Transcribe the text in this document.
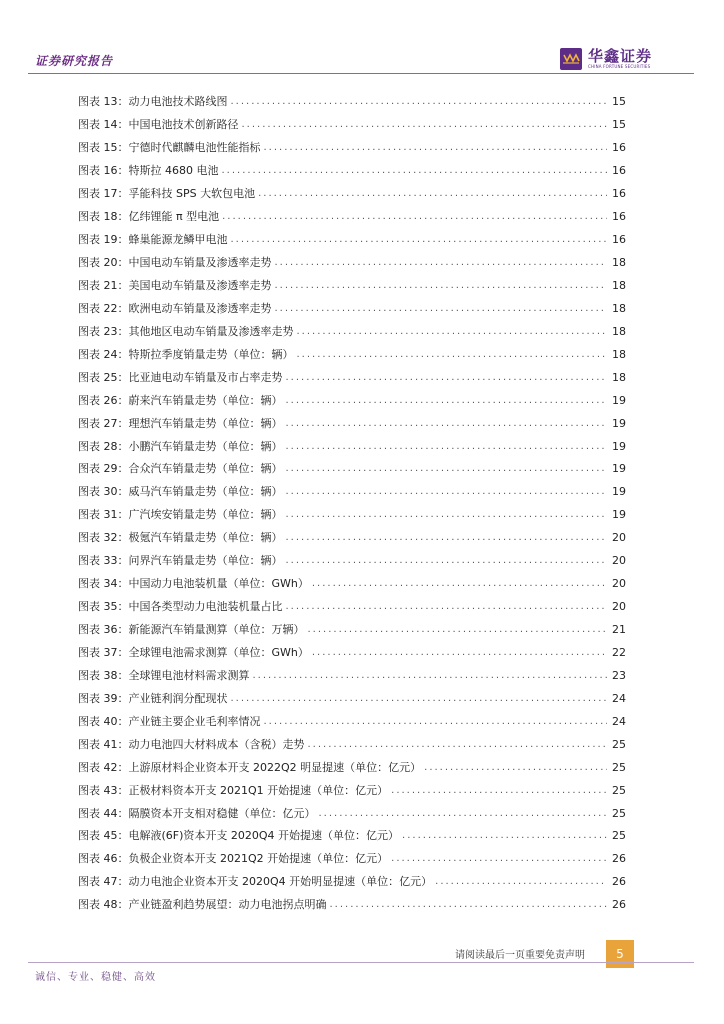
证券研究报告	华鑫证券
CHINA FORTUNE SECURITIES
图表 13：动力电池技术路线图 .....	15
图表 14：中国电池技术创新路径 .....	15
图表 15：宁德时代麒麟电池性能指标 .....	16
图表 16：特斯拉 4680 电池 .....	16
图表 17：孚能科技 SPS 大软包电池 .....	16
图表 18：亿纬锂能 π 型电池 .....	16
图表 19：蜂巢能源龙鳞甲电池 .....	16
图表 20：中国电动车销量及渗透率走势 .....	18
图表 21：美国电动车销量及渗透率走势 .....	18
图表 22：欧洲电动车销量及渗透率走势 .....	18
图表 23：其他地区电动车销量及渗透率走势 .....	18
图表 24：特斯拉季度销量走势（单位：辆） .....	18
图表 25：比亚迪电动车销量及市占率走势 .....	18
图表 26：蔚来汽车销量走势（单位：辆） .....	19
图表 27：理想汽车销量走势（单位：辆） .....	19
图表 28：小鹏汽车销量走势（单位：辆） .....	19
图表 29：合众汽车销量走势（单位：辆） .....	19
图表 30：威马汽车销量走势（单位：辆） .....	19
图表 31：广汽埃安销量走势（单位：辆） .....	19
图表 32：极氪汽车销量走势（单位：辆） .....	20
图表 33：问界汽车销量走势（单位：辆） .....	20
图表 34：中国动力电池装机量（单位：GWh） .....	20
图表 35：中国各类型动力电池装机量占比 .....	20
图表 36：新能源汽车销量测算（单位：万辆） .....	21
图表 37：全球锂电池需求测算（单位：GWh） .....	22
图表 38：全球锂电池材料需求测算 .....	23
图表 39：产业链利润分配现状 .....	24
图表 40：产业链主要企业毛利率情况 .....	24
图表 41：动力电池四大材料成本（含税）走势 .....	25
图表 42：上游原材料企业资本开支 2022Q2 明显提速（单位：亿元） .....	25
图表 43：正极材料资本开支 2021Q1 开始提速（单位：亿元） .....	25
图表 44：隔膜资本开支相对稳健（单位：亿元） .....	25
图表 45：电解液(6F)资本开支 2020Q4 开始提速（单位：亿元） .....	25
图表 46：负极企业资本开支 2021Q2 开始提速（单位：亿元） .....	26
图表 47：动力电池企业资本开支 2020Q4 开始明显提速（单位：亿元） .....	26
图表 48：产业链盈利趋势展望：动力电池拐点明确 .....	26
请阅读最后一页重要免责声明	5
诚信、专业、稳健、高效
